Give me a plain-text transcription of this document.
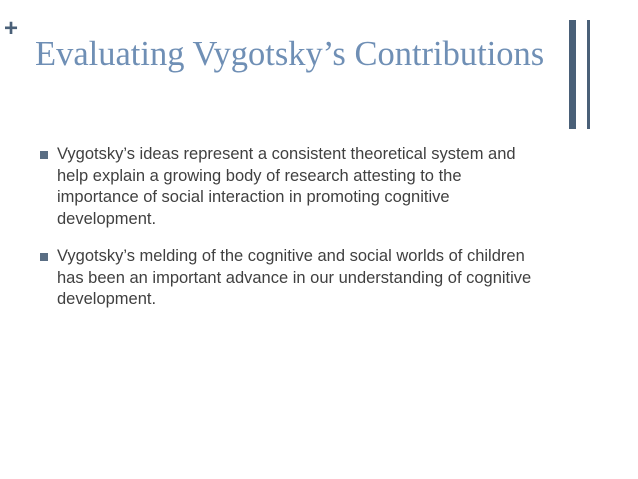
+
Evaluating Vygotsky’s Contributions
Vygotsky’s ideas represent a consistent theoretical system and help explain a growing body of research attesting to the importance of social interaction in promoting cognitive development.
Vygotsky’s melding of the cognitive and social worlds of children has been an important advance in our understanding of cognitive development.
